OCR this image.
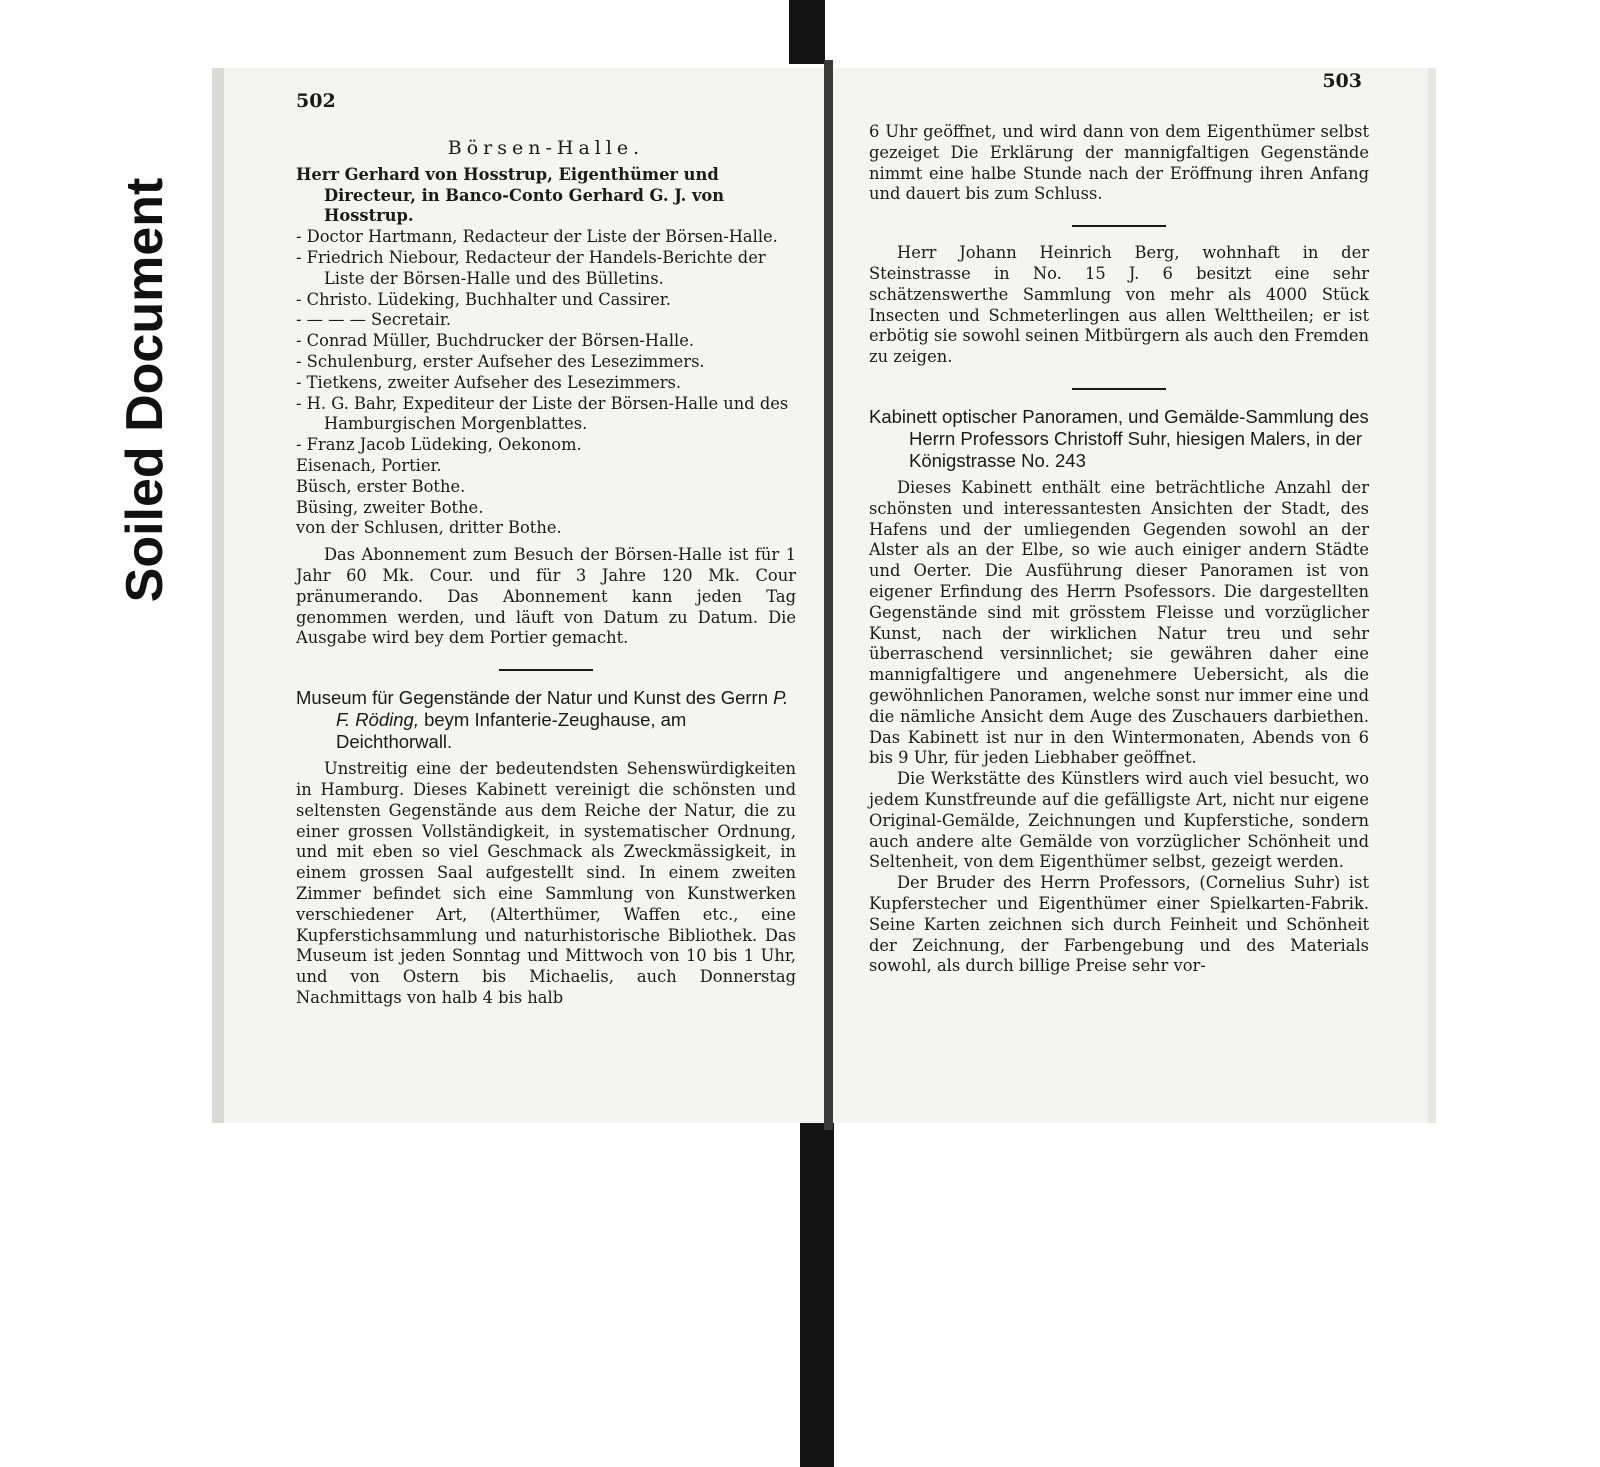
Soiled Document
502

Börsen-Halle.

Herr Gerhard von Hosstrup, Eigenthümer und Directeur, in Banco-Conto Gerhard G. J. von Hosstrup.

- Doctor Hartmann, Redacteur der Liste der Börsen-Halle.

- Friedrich Niebour, Redacteur der Handels-Berichte der Liste der Börsen-Halle und des Bülletins.

- Christo. Lüdeking, Buchhalter und Cassirer.

- — — — Secretair.

- Conrad Müller, Buchdrucker der Börsen-Halle.

- Schulenburg, erster Aufseher des Lesezimmers.

- Tietkens, zweiter Aufseher des Lesezimmers.

- H. G. Bahr, Expediteur der Liste der Börsen-Halle und des Hamburgischen Morgenblattes.

- Franz Jacob Lüdeking, Oekonom.

Eisenach, Portier.

Büsch, erster Bothe.

Büsing, zweiter Bothe.

von der Schlusen, dritter Bothe.

Das Abonnement zum Besuch der Börsen-Halle ist für 1 Jahr 60 Mk. Cour. und für 3 Jahre 120 Mk. Cour pränumerando. Das Abonnement kann jeden Tag genommen werden, und läuft von Datum zu Datum. Die Ausgabe wird bey dem Portier gemacht.

Museum für Gegenstände der Natur und Kunst des Gerrn P. F. Röding, beym Infanterie-Zeughause, am Deichthorwall.

Unstreitig eine der bedeutendsten Sehenswürdigkeiten in Hamburg. Dieses Kabinett vereinigt die schönsten und seltensten Gegenstände aus dem Reiche der Natur, die zu einer grossen Vollständigkeit, in systematischer Ordnung, und mit eben so viel Geschmack als Zweckmässigkeit, in einem grossen Saal aufgestellt sind. In einem zweiten Zimmer befindet sich eine Sammlung von Kunstwerken verschiedener Art, (Alterthümer, Waffen etc., eine Kupferstichsammlung und naturhistorische Bibliothek. Das Museum ist jeden Sonntag und Mittwoch von 10 bis 1 Uhr, und von Ostern bis Michaelis, auch Donnerstag Nachmittags von halb 4 bis halb

503

6 Uhr geöffnet, und wird dann von dem Eigenthümer selbst gezeiget Die Erklärung der mannigfaltigen Gegenstände nimmt eine halbe Stunde nach der Eröffnung ihren Anfang und dauert bis zum Schluss.

Herr Johann Heinrich Berg, wohnhaft in der Steinstrasse in No. 15 J. 6 besitzt eine sehr schätzenswerthe Sammlung von mehr als 4000 Stück Insecten und Schmeterlingen aus allen Welttheilen; er ist erbötig sie sowohl seinen Mitbürgern als auch den Fremden zu zeigen.

Kabinett optischer Panoramen, und Gemälde-Sammlung des Herrn Professors Christoff Suhr, hiesigen Malers, in der Königstrasse No. 243

Dieses Kabinett enthält eine beträchtliche Anzahl der schönsten und interessantesten Ansichten der Stadt, des Hafens und der umliegenden Gegenden sowohl an der Alster als an der Elbe, so wie auch einiger andern Städte und Oerter. Die Ausführung dieser Panoramen ist von eigener Erfindung des Herrn Psofessors. Die dargestellten Gegenstände sind mit grösstem Fleisse und vorzüglicher Kunst, nach der wirklichen Natur treu und sehr überraschend versinnlichet; sie gewähren daher eine mannigfaltigere und angenehmere Uebersicht, als die gewöhnlichen Panoramen, welche sonst nur immer eine und die nämliche Ansicht dem Auge des Zuschauers darbiethen. Das Kabinett ist nur in den Wintermonaten, Abends von 6 bis 9 Uhr, für jeden Liebhaber geöffnet.

Die Werkstätte des Künstlers wird auch viel besucht, wo jedem Kunstfreunde auf die gefälligste Art, nicht nur eigene Original-Gemälde, Zeichnungen und Kupferstiche, sondern auch andere alte Gemälde von vorzüglicher Schönheit und Seltenheit, von dem Eigenthümer selbst, gezeigt werden.

Der Bruder des Herrn Professors, (Cornelius Suhr) ist Kupferstecher und Eigenthümer einer Spielkarten-Fabrik. Seine Karten zeichnen sich durch Feinheit und Schönheit der Zeichnung, der Farbengebung und des Materials sowohl, als durch billige Preise sehr vor-
